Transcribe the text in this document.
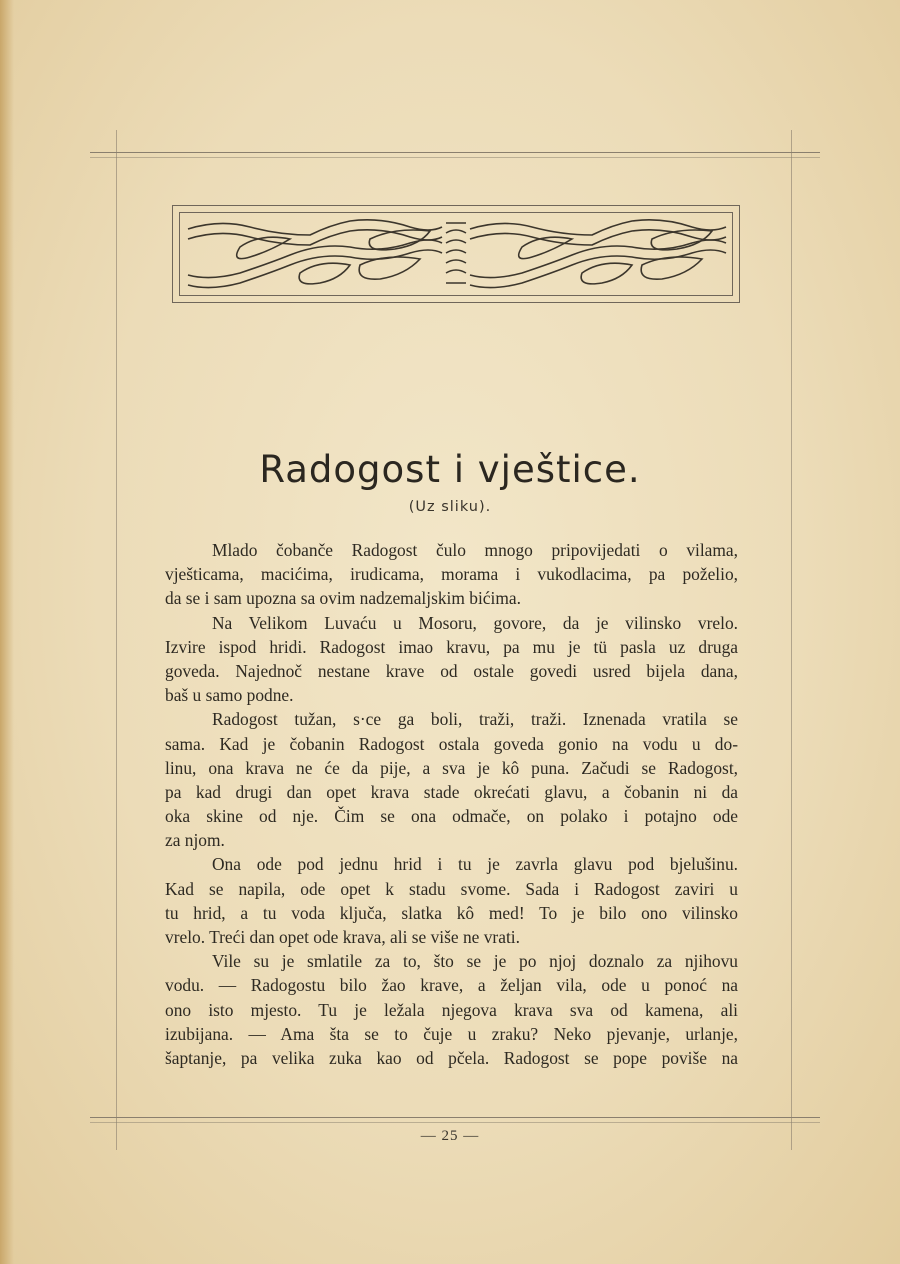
Radogost i vještice.
(Uz sliku).
Mlado čobanče Radogost čulo mnogo pripovijedati o vilama,
vješticama, macićima, irudicama, morama i vukodlacima, pa poželio,
da se i sam upozna sa ovim nadzemaljskim bićima.
Na Velikom Luvaću u Mosoru, govore, da je vilinsko vrelo.
Izvire ispod hridi. Radogost imao kravu, pa mu je tü pasla uz druga
goveda. Najednoč nestane krave od ostale govedi usred bijela dana,
baš u samo podne.
Radogost tužan, s·ce ga boli, traži, traži. Iznenada vratila se
sama. Kad je čobanin Radogost ostala goveda gonio na vodu u do-
linu, ona krava ne će da pije, a sva je kô puna. Začudi se Radogost,
pa kad drugi dan opet krava stade okrećati glavu, a čobanin ni da
oka skine od nje. Čim se ona odmače, on polako i potajno ode
za njom.
Ona ode pod jednu hrid i tu je zavrla glavu pod bjelušinu.
Kad se napila, ode opet k stadu svome. Sada i Radogost zaviri u
tu hrid, a tu voda ključa, slatka kô med! To je bilo ono vilinsko
vrelo. Treći dan opet ode krava, ali se više ne vrati.
Vile su je smlatile za to, što se je po njoj doznalo za njihovu
vodu. — Radogostu bilo žao krave, a željan vila, ode u ponoć na
ono isto mjesto. Tu je ležala njegova krava sva od kamena, ali
izubijana. — Ama šta se to čuje u zraku? Neko pjevanje, urlanje,
šaptanje, pa velika zuka kao od pčela. Radogost se pope poviše na
— 25 —
